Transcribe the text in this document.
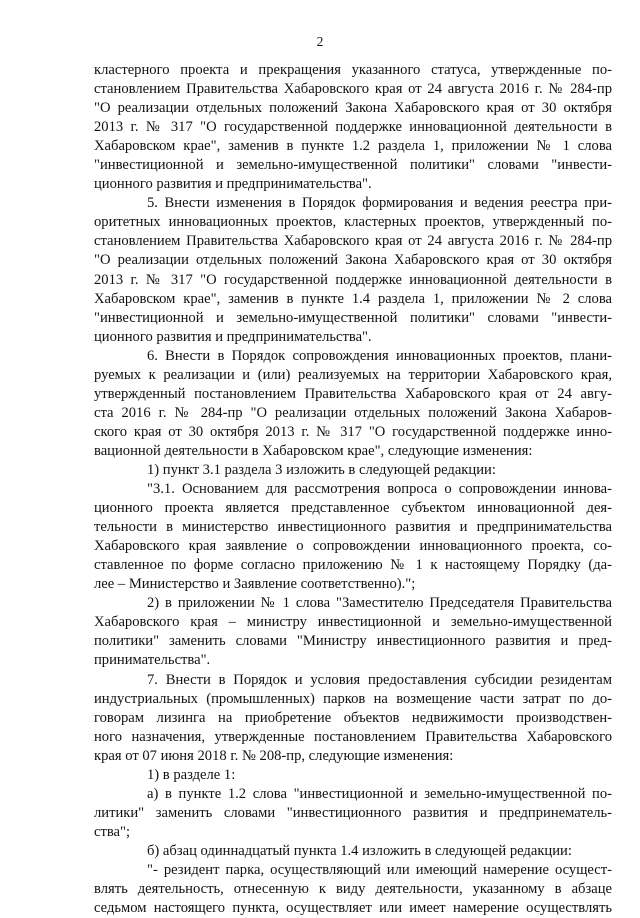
2
кластерного проекта и прекращения указанного статуса, утвержденные по-
становлением Правительства Хабаровского края от 24 августа 2016 г. № 284-пр
"О реализации отдельных положений Закона Хабаровского края от 30 октября
2013 г. № 317 "О государственной поддержке инновационной деятельности в
Хабаровском крае", заменив в пункте 1.2 раздела 1, приложении № 1 слова
"инвестиционной и земельно-имущественной политики" словами "инвести-
ционного развития и предпринимательства".
5. Внести изменения в Порядок формирования и ведения реестра при-
оритетных инновационных проектов, кластерных проектов, утвержденный по-
становлением Правительства Хабаровского края от 24 августа 2016 г. № 284-пр
"О реализации отдельных положений Закона Хабаровского края от 30 октября
2013 г. № 317 "О государственной поддержке инновационной деятельности в
Хабаровском крае", заменив в пункте 1.4 раздела 1, приложении № 2 слова
"инвестиционной и земельно-имущественной политики" словами "инвести-
ционного развития и предпринимательства".
6. Внести в Порядок сопровождения инновационных проектов, плани-
руемых к реализации и (или) реализуемых на территории Хабаровского края,
утвержденный постановлением Правительства Хабаровского края от 24 авгу-
ста 2016 г. № 284-пр "О реализации отдельных положений Закона Хабаров-
ского края от 30 октября 2013 г. № 317 "О государственной поддержке инно-
вационной деятельности в Хабаровском крае", следующие изменения:
1) пункт 3.1 раздела 3 изложить в следующей редакции:
"3.1. Основанием для рассмотрения вопроса о сопровождении иннова-
ционного проекта является представленное субъектом инновационной дея-
тельности в министерство инвестиционного развития и предпринимательства
Хабаровского края заявление о сопровождении инновационного проекта, со-
ставленное по форме согласно приложению № 1 к настоящему Порядку (да-
лее – Министерство и Заявление соответственно).";
2) в приложении № 1 слова "Заместителю Председателя Правительства
Хабаровского края – министру инвестиционной и земельно-имущественной
политики" заменить словами "Министру инвестиционного развития и пред-
принимательства".
7. Внести в Порядок и условия предоставления субсидии резидентам
индустриальных (промышленных) парков на возмещение части затрат по до-
говорам лизинга на приобретение объектов недвижимости производствен-
ного назначения, утвержденные постановлением Правительства Хабаровского
края от 07 июня 2018 г. № 208-пр, следующие изменения:
1) в разделе 1:
а) в пункте 1.2 слова "инвестиционной и земельно-имущественной по-
литики" заменить словами "инвестиционного развития и предпринематель-
ства";
б) абзац одиннадцатый пункта 1.4 изложить в следующей редакции:
"- резидент парка, осуществляющий или имеющий намерение осущест-
влять деятельность, отнесенную к виду деятельности, указанному в абзаце
седьмом настоящего пункта, осуществляет или имеет намерение осуществлять
